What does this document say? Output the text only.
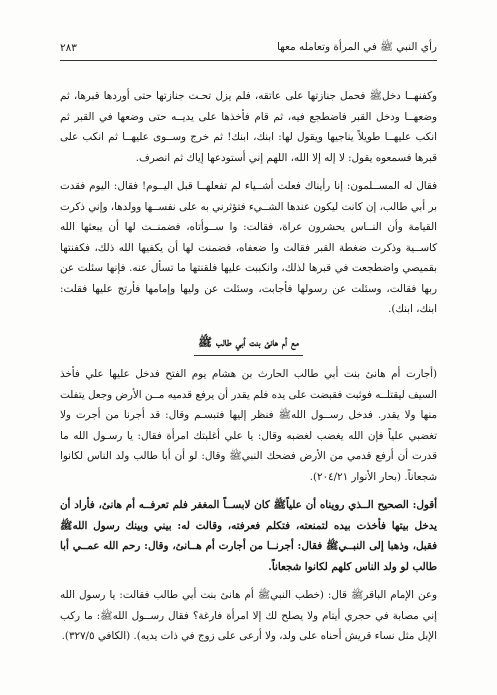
رأي النبي ﷺ في المرأة وتعامله معها
٢٨٣

وكفنهــا دخلﷺ فحمل جنازتها على عاتقه، فلم يزل تحـت جنازتها حتى أوردها قبرها، ثم وضعهــا ودخل القبر فاضطجع فيه، ثم قام فأخذها على يديــه حتى وضعها في القبر ثم انكب عليهــا طويلاً يناجيها ويقول لها: ابنك، ابنك! ثم خرج وســوى عليهــا ثم انكب على قبرها فسمعوه يقول: لا إله إلا الله، اللهم إني أستودعها إياك ثم انصرف.

فقال له المســلمون: إنا رأيناك فعلت أشــياء لم تفعلهــا قبل اليــوم! فقال: اليوم فقدت بر أبي طالب، إن كانت ليكون عندها الشــيء فتؤثرني به على نفســها وولدها، وإني ذكرت القيامة وأن النــاس يحشرون عراة، فقالت: وا ســوأتاه، فضمنــت لها أن يبعثها الله كاســية وذكرت ضغطة القبر فقالت وا ضعفاه، فضمنت لها أن يكفيها الله ذلك، فكفنتها بقميصي واضطجعت في قبرها لذلك، وانكببت عليها فلقنتها ما تسأل عنه. فإنها سئلت عن ربها فقالت، وسئلت عن رسولها فأجابت، وسئلت عن وليها وإمامها فأرتج عليها فقلت: ابنك، ابنك).

مع أم هانئ بنت أبي طالب ﷺ

(أجارت أم هانئ بنت أبي طالب الحارث بن هشام يوم الفتح فدخل عليها علي فأخذ السيف ليقتلــه فوثبت فقبضت على يده فلم يقدر أن يرفع قدميه مــن الأرض وجعل يتفلت منها ولا يقدر. فدخل رســول اللهﷺ فنظر إليها فتبسـم وقال: قد أجرنا من أجرت ولا تغضبي علياً فإن الله يغضب لغضبه وقال: يا علي أغلبتك امرأة فقال: يا رسـول الله ما قدرت أن أرفع قدمي من الأرض فضحك النبيﷺ وقال: لو أن أبا طالب ولد الناس لكانوا شجعاناً. (بحار الأنوار ٢٠٤/٢١).

أقول: الصحيح الــذي رويناه أن علياًﷺ كان لابســاً المغفر فلم تعرفــه أم هانئ، فأراد أن يدخل بيتها فأخذت بيده لتمنعته، فتكلم فعرفته، وقالت له: بيني وبينك رسول اللهﷺ فقبل، وذهبا إلى النبــيﷺ فقال: أجرنــا من أجارت أم هــانئ، وقال: رحم الله عمــي أبا طالب لو ولد الناس كلهم لكانوا شجعاناً.

وعن الإمام الباقرﷺ قال: (خطب النبيﷺ أم هانئ بنت أبي طالب فقالت: يا رسول الله إني مصابة في حجري أيتام ولا يصلح لك إلا امرأة فارغة؟ فقال رســول اللهﷺ: ما ركب الإبل مثل نساء قريش أحناه على ولد، ولا أرعى على زوج في ذات يديه). (الكافي ٣٢٧/٥).
